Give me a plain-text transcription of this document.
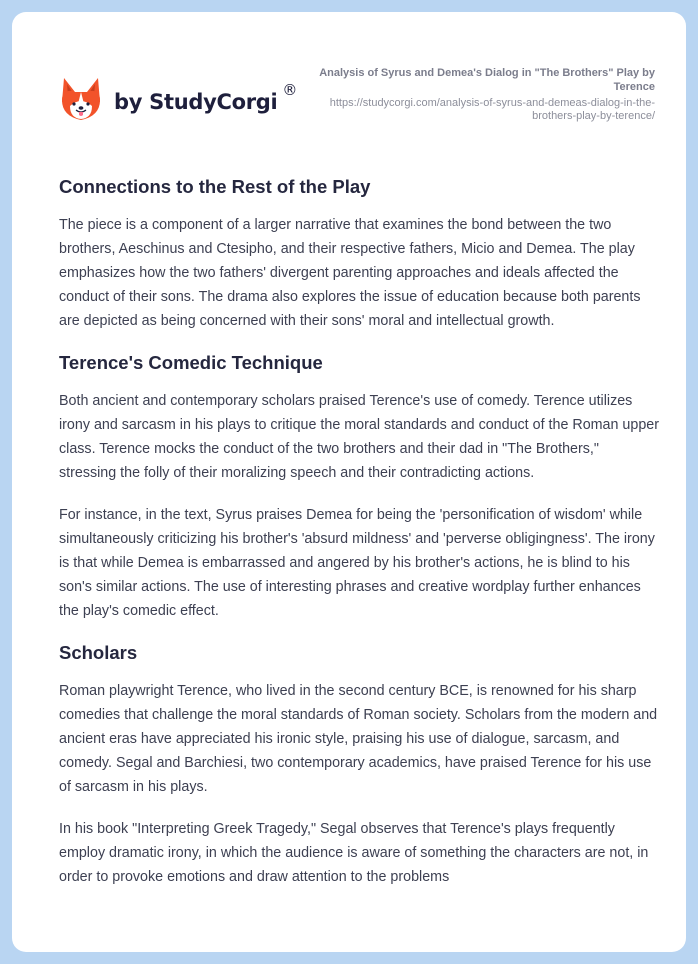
by StudyCorgi ®
Analysis of Syrus and Demea's Dialog in "The Brothers" Play by Terence
https://studycorgi.com/analysis-of-syrus-and-demeas-dialog-in-the-brothers-play-by-terence/
Connections to the Rest of the Play

The piece is a component of a larger narrative that examines the bond between the two brothers, Aeschinus and Ctesipho, and their respective fathers, Micio and Demea. The play emphasizes how the two fathers' divergent parenting approaches and ideals affected the conduct of their sons. The drama also explores the issue of education because both parents are depicted as being concerned with their sons' moral and intellectual growth.

Terence's Comedic Technique

Both ancient and contemporary scholars praised Terence's use of comedy. Terence utilizes irony and sarcasm in his plays to critique the moral standards and conduct of the Roman upper class. Terence mocks the conduct of the two brothers and their dad in "The Brothers," stressing the folly of their moralizing speech and their contradicting actions.

For instance, in the text, Syrus praises Demea for being the 'personification of wisdom' while simultaneously criticizing his brother's 'absurd mildness' and 'perverse obligingness'. The irony is that while Demea is embarrassed and angered by his brother's actions, he is blind to his son's similar actions. The use of interesting phrases and creative wordplay further enhances the play's comedic effect.

Scholars

Roman playwright Terence, who lived in the second century BCE, is renowned for his sharp comedies that challenge the moral standards of Roman society. Scholars from the modern and ancient eras have appreciated his ironic style, praising his use of dialogue, sarcasm, and comedy. Segal and Barchiesi, two contemporary academics, have praised Terence for his use of sarcasm in his plays.

In his book "Interpreting Greek Tragedy," Segal observes that Terence's plays frequently employ dramatic irony, in which the audience is aware of something the characters are not, in order to provoke emotions and draw attention to the problems
